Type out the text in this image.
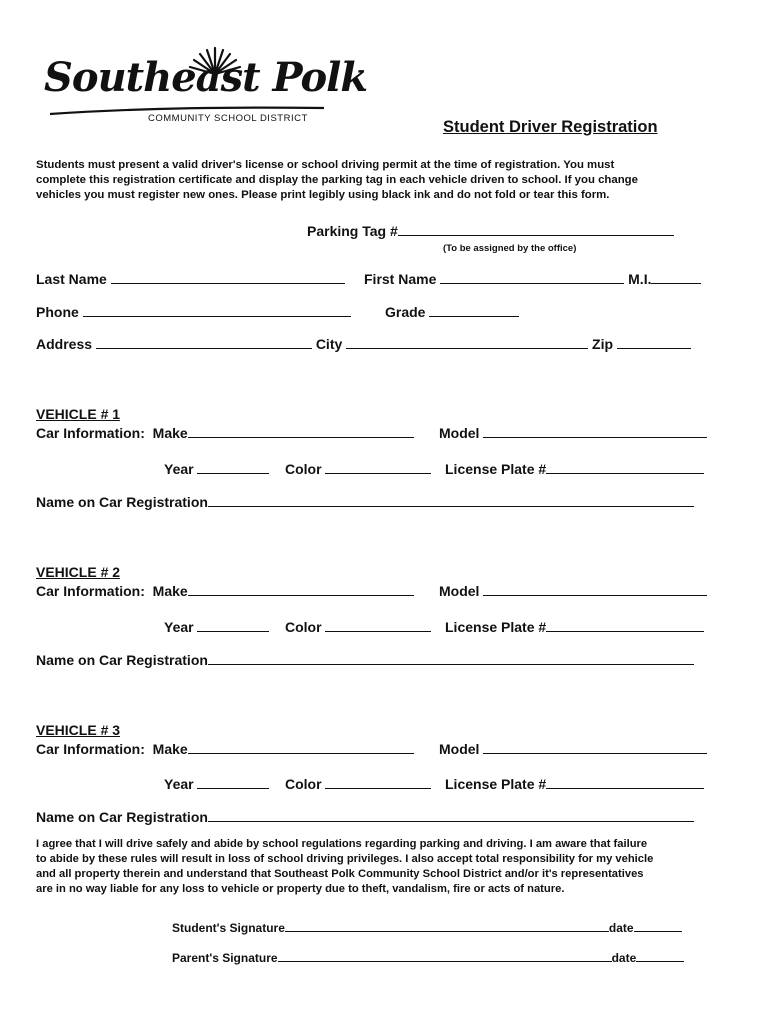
Southeast Polk
COMMUNITY SCHOOL DISTRICT	Student Driver Registration
Students must present a valid driver's license or school driving permit at the time of registration. You must
complete this registration certificate and display the parking tag in each vehicle driven to school. If you change
vehicles you must register new ones. Please print legibly using black ink and do not fold or tear this form.
Parking Tag #
(To be assigned by the office)
Last Name	First Name	M.I.
Phone	Grade
Address	City	Zip
VEHICLE # 1
Car Information: Make	Model
Year	Color	License Plate #
Name on Car Registration
VEHICLE # 2
Car Information: Make	Model
Year	Color	License Plate #
Name on Car Registration
VEHICLE # 3
Car Information: Make	Model
Year	Color	License Plate #
Name on Car Registration
I agree that I will drive safely and abide by school regulations regarding parking and driving. I am aware that failure
to abide by these rules will result in loss of school driving privileges. I also accept total responsibility for my vehicle
and all property therein and understand that Southeast Polk Community School District and/or it's representatives
are in no way liable for any loss to vehicle or property due to theft, vandalism, fire or acts of nature.
Student's Signature	date
Parent's Signature	date
